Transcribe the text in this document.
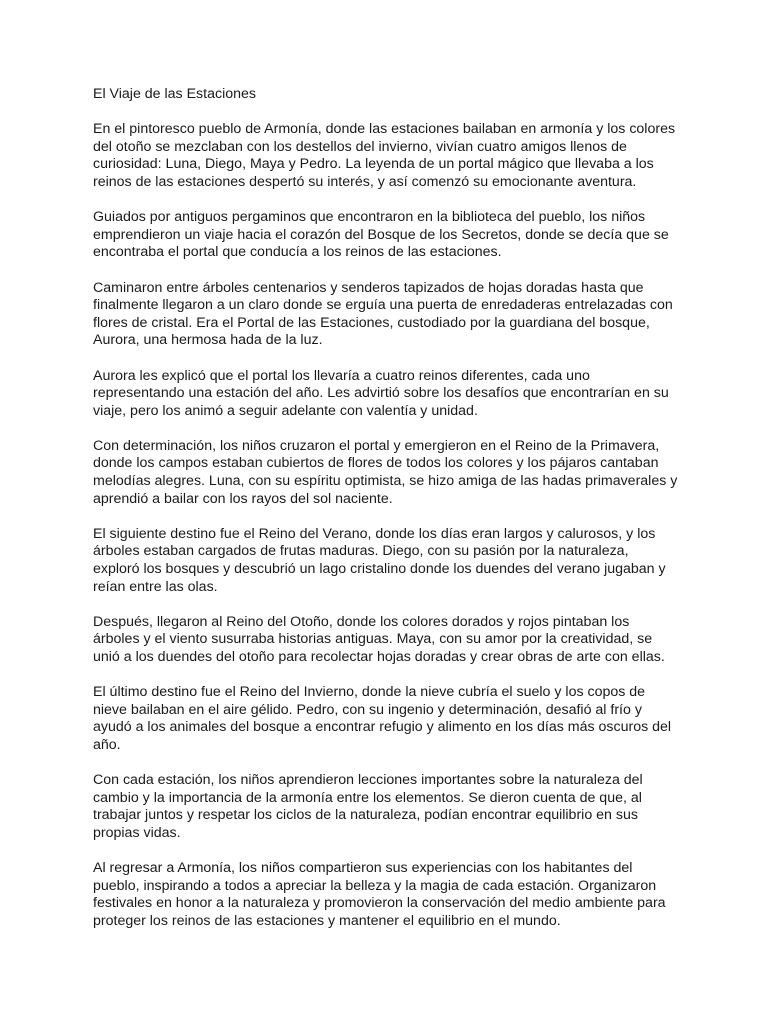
El Viaje de las Estaciones

En el pintoresco pueblo de Armonía, donde las estaciones bailaban en armonía y los colores del otoño se mezclaban con los destellos del invierno, vivían cuatro amigos llenos de curiosidad: Luna, Diego, Maya y Pedro. La leyenda de un portal mágico que llevaba a los reinos de las estaciones despertó su interés, y así comenzó su emocionante aventura.

Guiados por antiguos pergaminos que encontraron en la biblioteca del pueblo, los niños emprendieron un viaje hacia el corazón del Bosque de los Secretos, donde se decía que se encontraba el portal que conducía a los reinos de las estaciones.

Caminaron entre árboles centenarios y senderos tapizados de hojas doradas hasta que finalmente llegaron a un claro donde se erguía una puerta de enredaderas entrelazadas con flores de cristal. Era el Portal de las Estaciones, custodiado por la guardiana del bosque, Aurora, una hermosa hada de la luz.

Aurora les explicó que el portal los llevaría a cuatro reinos diferentes, cada uno representando una estación del año. Les advirtió sobre los desafíos que encontrarían en su viaje, pero los animó a seguir adelante con valentía y unidad.

Con determinación, los niños cruzaron el portal y emergieron en el Reino de la Primavera, donde los campos estaban cubiertos de flores de todos los colores y los pájaros cantaban melodías alegres. Luna, con su espíritu optimista, se hizo amiga de las hadas primaverales y aprendió a bailar con los rayos del sol naciente.

El siguiente destino fue el Reino del Verano, donde los días eran largos y calurosos, y los árboles estaban cargados de frutas maduras. Diego, con su pasión por la naturaleza, exploró los bosques y descubrió un lago cristalino donde los duendes del verano jugaban y reían entre las olas.

Después, llegaron al Reino del Otoño, donde los colores dorados y rojos pintaban los árboles y el viento susurraba historias antiguas. Maya, con su amor por la creatividad, se unió a los duendes del otoño para recolectar hojas doradas y crear obras de arte con ellas.

El último destino fue el Reino del Invierno, donde la nieve cubría el suelo y los copos de nieve bailaban en el aire gélido. Pedro, con su ingenio y determinación, desafió al frío y ayudó a los animales del bosque a encontrar refugio y alimento en los días más oscuros del año.

Con cada estación, los niños aprendieron lecciones importantes sobre la naturaleza del cambio y la importancia de la armonía entre los elementos. Se dieron cuenta de que, al trabajar juntos y respetar los ciclos de la naturaleza, podían encontrar equilibrio en sus propias vidas.

Al regresar a Armonía, los niños compartieron sus experiencias con los habitantes del pueblo, inspirando a todos a apreciar la belleza y la magia de cada estación. Organizaron festivales en honor a la naturaleza y promovieron la conservación del medio ambiente para proteger los reinos de las estaciones y mantener el equilibrio en el mundo.
